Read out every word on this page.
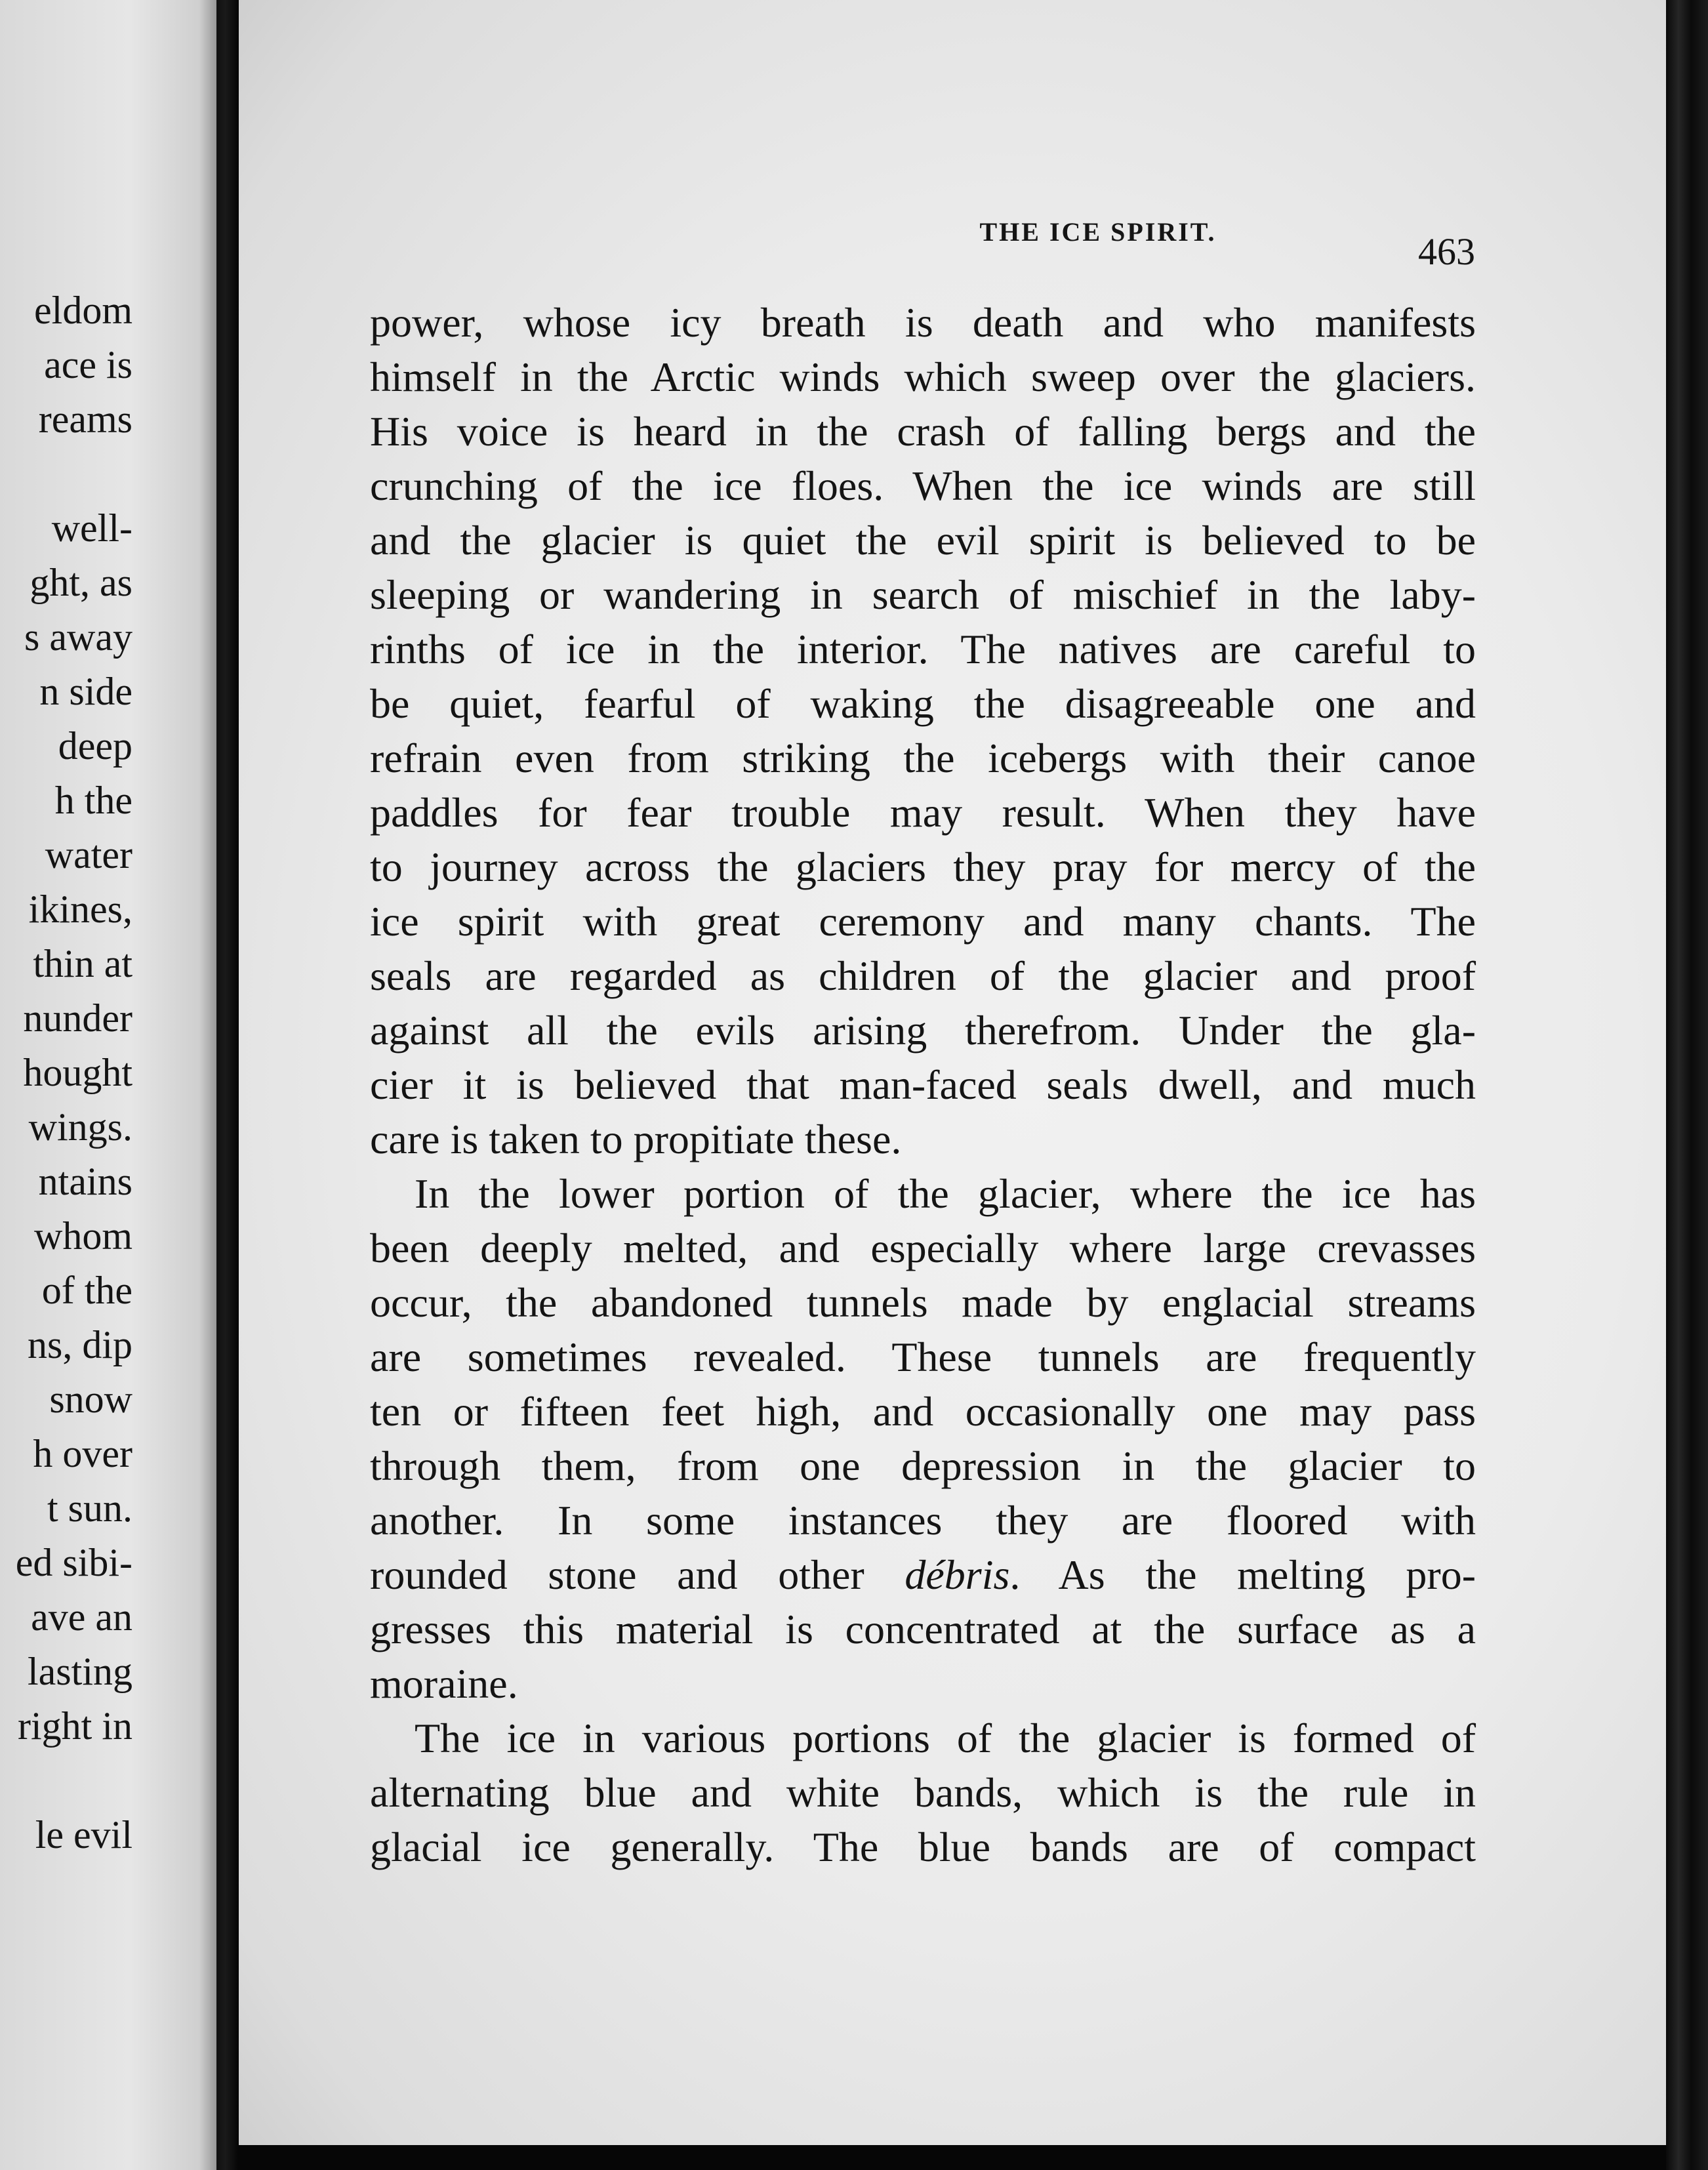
eldom
ace is
reams
well-
ght, as
s away
n side
deep
h the
water
ikines,
thin at
nunder
hought
wings.
ntains
whom
of the
ns, dip
snow
h over
t sun.
ed sibi-
ave an
lasting
right in
le evil
THE ICE SPIRIT.	463
power, whose icy breath is death and who manifests
himself in the Arctic winds which sweep over the glaciers.
His voice is heard in the crash of falling bergs and the
crunching of the ice floes. When the ice winds are still
and the glacier is quiet the evil spirit is believed to be
sleeping or wandering in search of mischief in the laby-
rinths of ice in the interior. The natives are careful to
be quiet, fearful of waking the disagreeable one and
refrain even from striking the icebergs with their canoe
paddles for fear trouble may result. When they have
to journey across the glaciers they pray for mercy of the
ice spirit with great ceremony and many chants. The
seals are regarded as children of the glacier and proof
against all the evils arising therefrom. Under the gla-
cier it is believed that man-faced seals dwell, and much
care is taken to propitiate these.
In the lower portion of the glacier, where the ice has
been deeply melted, and especially where large crevasses
occur, the abandoned tunnels made by englacial streams
are sometimes revealed. These tunnels are frequently
ten or fifteen feet high, and occasionally one may pass
through them, from one depression in the glacier to
another. In some instances they are floored with
rounded stone and other débris. As the melting pro-
gresses this material is concentrated at the surface as a
moraine.
The ice in various portions of the glacier is formed of
alternating blue and white bands, which is the rule in
glacial ice generally. The blue bands are of compact
